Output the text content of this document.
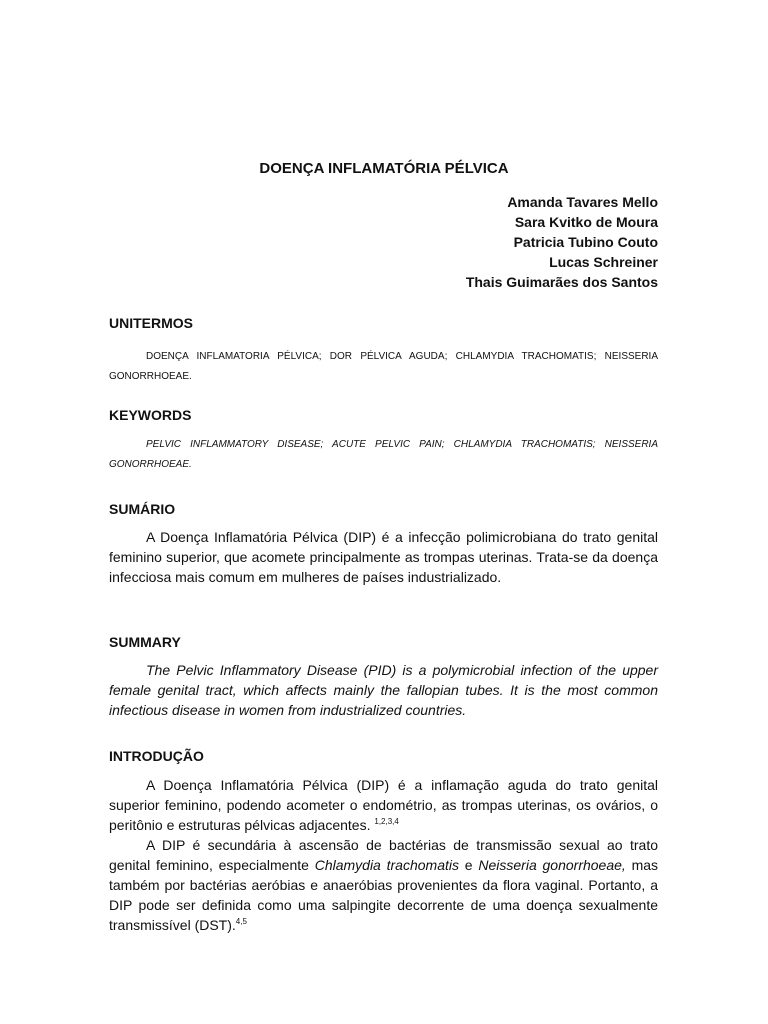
DOENÇA INFLAMATÓRIA PÉLVICA
Amanda Tavares Mello
Sara Kvitko de Moura
Patricia Tubino Couto
Lucas Schreiner
Thais Guimarães dos Santos

UNITERMOS

DOENÇA INFLAMATORIA PÉLVICA; DOR PÉLVICA AGUDA; CHLAMYDIA TRACHOMATIS; NEISSERIA GONORRHOEAE.

KEYWORDS

PELVIC INFLAMMATORY DISEASE; ACUTE PELVIC PAIN; CHLAMYDIA TRACHOMATIS; NEISSERIA GONORRHOEAE.

SUMÁRIO

A Doença Inflamatória Pélvica (DIP) é a infecção polimicrobiana do trato genital feminino superior, que acomete principalmente as trompas uterinas. Trata-se da doença infecciosa mais comum em mulheres de países industrializado.

SUMMARY

The Pelvic Inflammatory Disease (PID) is a polymicrobial infection of the upper female genital tract, which affects mainly the fallopian tubes. It is the most common infectious disease in women from industrialized countries.

INTRODUÇÃO

A Doença Inflamatória Pélvica (DIP) é a inflamação aguda do trato genital superior feminino, podendo acometer o endométrio, as trompas uterinas, os ovários, o peritônio e estruturas pélvicas adjacentes. $^{1,2,3,4}$

A DIP é secundária à ascensão de bactérias de transmissão sexual ao trato genital feminino, especialmente Chlamydia trachomatis e Neisseria gonorrhoeae, mas também por bactérias aeróbias e anaeróbias provenientes da flora vaginal. Portanto, a DIP pode ser definida como uma salpingite decorrente de uma doença sexualmente transmissível (DST).$^{4,5}$
